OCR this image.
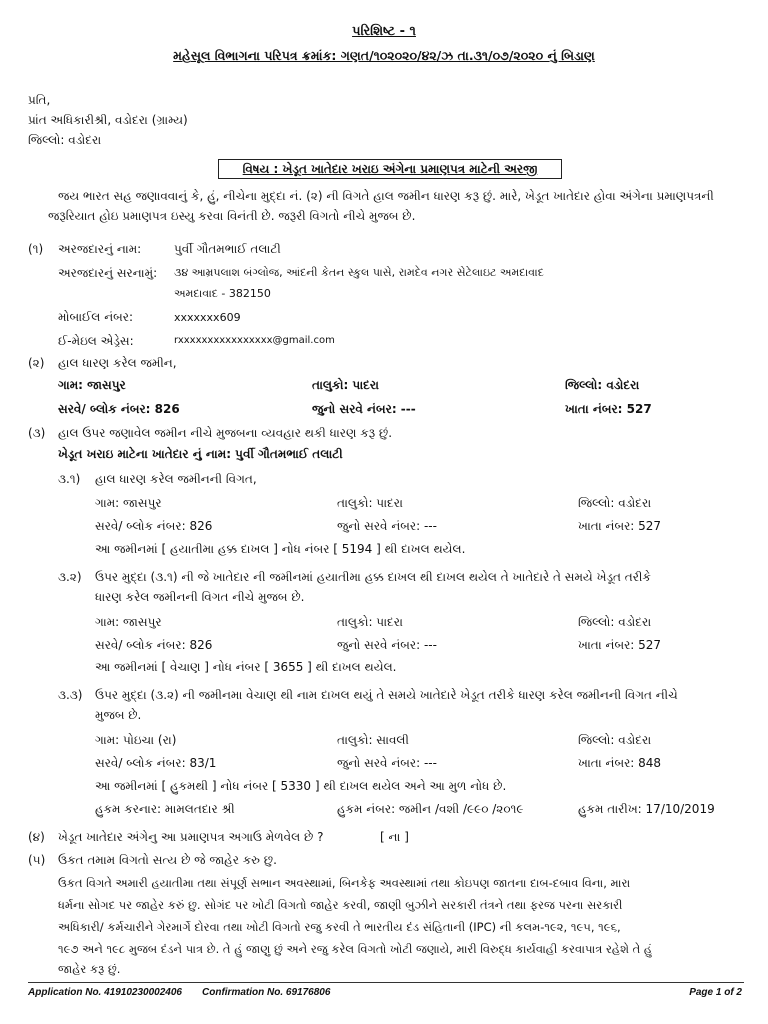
પરિશિષ્ટ - ૧
મહેસૂલ વિભાગના પરિપત્ર ક્રમાંક: ગણત/૧૦૨૦૨૦/૪૨/ઝ તા.૩૧/૦૭/૨૦૨૦ નું બિડાણ
પ્રતિ,
પ્રાંત અધિકારીશ્રી, વડોદરા (ગ્રામ્ય)
જિલ્લો: વડોદરા
વિષય : ખેડૂત ખાતેદાર ખરાઇ અંગેના પ્રમાણપત્ર માટેની અરજી
જય ભારત સહ જણાવવાનું કે, હું, નીચેના મુદ્દા નં. (૨) ની વિગતે હાલ જમીન ધારણ કરૂ છું. મારે, ખેડૂત ખાતેદાર હોવા અંગેના પ્રમાણપત્રની જરૂરિયાત હોઇ પ્રમાણપત્ર ઇસ્યુ કરવા વિનંતી છે. જરૂરી વિગતો નીચે મુજબ છે.
(૧) અરજદારનું નામ:	પુર્વી ગૌતમભાઈ તલાટી
અરજદારનું સરનામું: ૩૪ આમ્રપલાશ બંગ્લોજ, આંદની કેતન સ્કુલ પાસે, રામદેવ નગર સેટેલાઇટ અમદાવાદ
અમદાવાદ - 382150
મોબાઈલ નંબર:	xxxxxxx609
ઈ-મેઇલ એડ્રેસ:	rxxxxxxxxxxxxxxxx@gmail.com
(૨) હાલ ધારણ કરેલ જમીન,
ગામ: જાસપુર	તાલુકો: પાદરા	જિલ્લો: વડોદરા
સરવે/ બ્લોક નંબર: 826	જુનો સરવે નંબર: ---	ખાતા નંબર: 527
(૩) હાલ ઉપર જણાવેલ જમીન નીચે મુજબના વ્યવહાર થકી ધારણ કરૂ છું.
ખેડૂત ખરાઇ માટેના ખાતેદાર નું નામ: પુર્વી ગૌતમભાઈ તલાટી
૩.૧) હાલ ધારણ કરેલ જમીનની વિગત,
ગામ: જાસપુર	તાલુકો: પાદરા	જિલ્લો: વડોદરા
સરવે/ બ્લોક નંબર: 826	જુનો સરવે નંબર: ---	ખાતા નંબર: 527
આ જમીનમાં [ હયાતીમા હક્ક દાખલ ] નોધ નંબર [ 5194 ] થી દાખલ થયેલ.
૩.૨) ઉપર મુદ્દા (૩.૧) ની જે ખાતેદાર ની જમીનમાં હયાતીમા હક્ક દાખલ થી દાખલ થયેલ તે ખાતેદારે તે સમયે ખેડૂત તરીકે
ધારણ કરેલ જમીનની વિગત નીચે મુજબ છે.
ગામ: જાસપુર	તાલુકો: પાદરા	જિલ્લો: વડોદરા
સરવે/ બ્લોક નંબર: 826	જુનો સરવે નંબર: ---	ખાતા નંબર: 527
આ જમીનમાં [ વેચાણ ] નોધ નંબર [ 3655 ] થી દાખલ થયેલ.
૩.૩) ઉપર મુદ્દા (૩.૨) ની જમીનમા વેચાણ થી નામ દાખલ થયું તે સમયે ખાતેદારે ખેડૂત તરીકે ધારણ કરેલ જમીનની વિગત નીચે
મુજબ છે.
ગામ: પોઇચા (રા)	તાલુકો: સાવલી	જિલ્લો: વડોદરા
સરવે/ બ્લોક નંબર: 83/1	જુનો સરવે નંબર: ---	ખાતા નંબર: 848
આ જમીનમાં [ હુકમથી ] નોધ નંબર [ 5330 ] થી દાખલ થયેલ અને આ મુળ નોધ છે.
હુકમ કરનાર: મામલતદાર શ્રી	હુકમ નંબર: જમીન /વશી /૯૯૦ /૨૦૧૯	હુકમ તારીખ: 17/10/2019
(૪) ખેડૂત ખાતેદાર અંગેનુ આ પ્રમાણપત્ર અગાઉ મેળવેલ છે ?	[ ના ]
(૫) ઉકત તમામ વિગતો સત્ય છે જે જાહેર કરુ છુ.
ઉકત વિગતે અમારી હયાતીમા તથા સંપૂર્ણ સભાન અવસ્થામાં, બિનકેફ અવસ્થામાં તથા કોઇપણ જાતના દાબ-દબાવ વિના, મારા
ધર્મના સોગદ પર જાહેર કરું છુ. સોગંદ પર ખોટી વિગતો જાહેર કરવી, જાણી બુઝીને સરકારી તંત્રને તથા ફરજ પરના સરકારી
અધિકારી/ કર્મચારીને ગેરમાર્ગે દોરવા તથા ખોટી વિગતો રજુ કરવી તે ભારતીય દંડ સંહિતાની (IPC) ની કલમ-૧૯૨, ૧૯૫, ૧૯૬,
૧૯૭ અને ૧૯૮ મુજબ દંડને પાત્ર છે. તે હું જાણુ છું અને રજુ કરેલ વિગતો ખોટી જણાયે, મારી વિરુદ્ધ કાર્યવાહી કરવાપાત્ર રહેશે તે હું
જાહેર કરૂ છું.
Application No. 41910230002406 Confirmation No. 69176806	Page 1 of 2
